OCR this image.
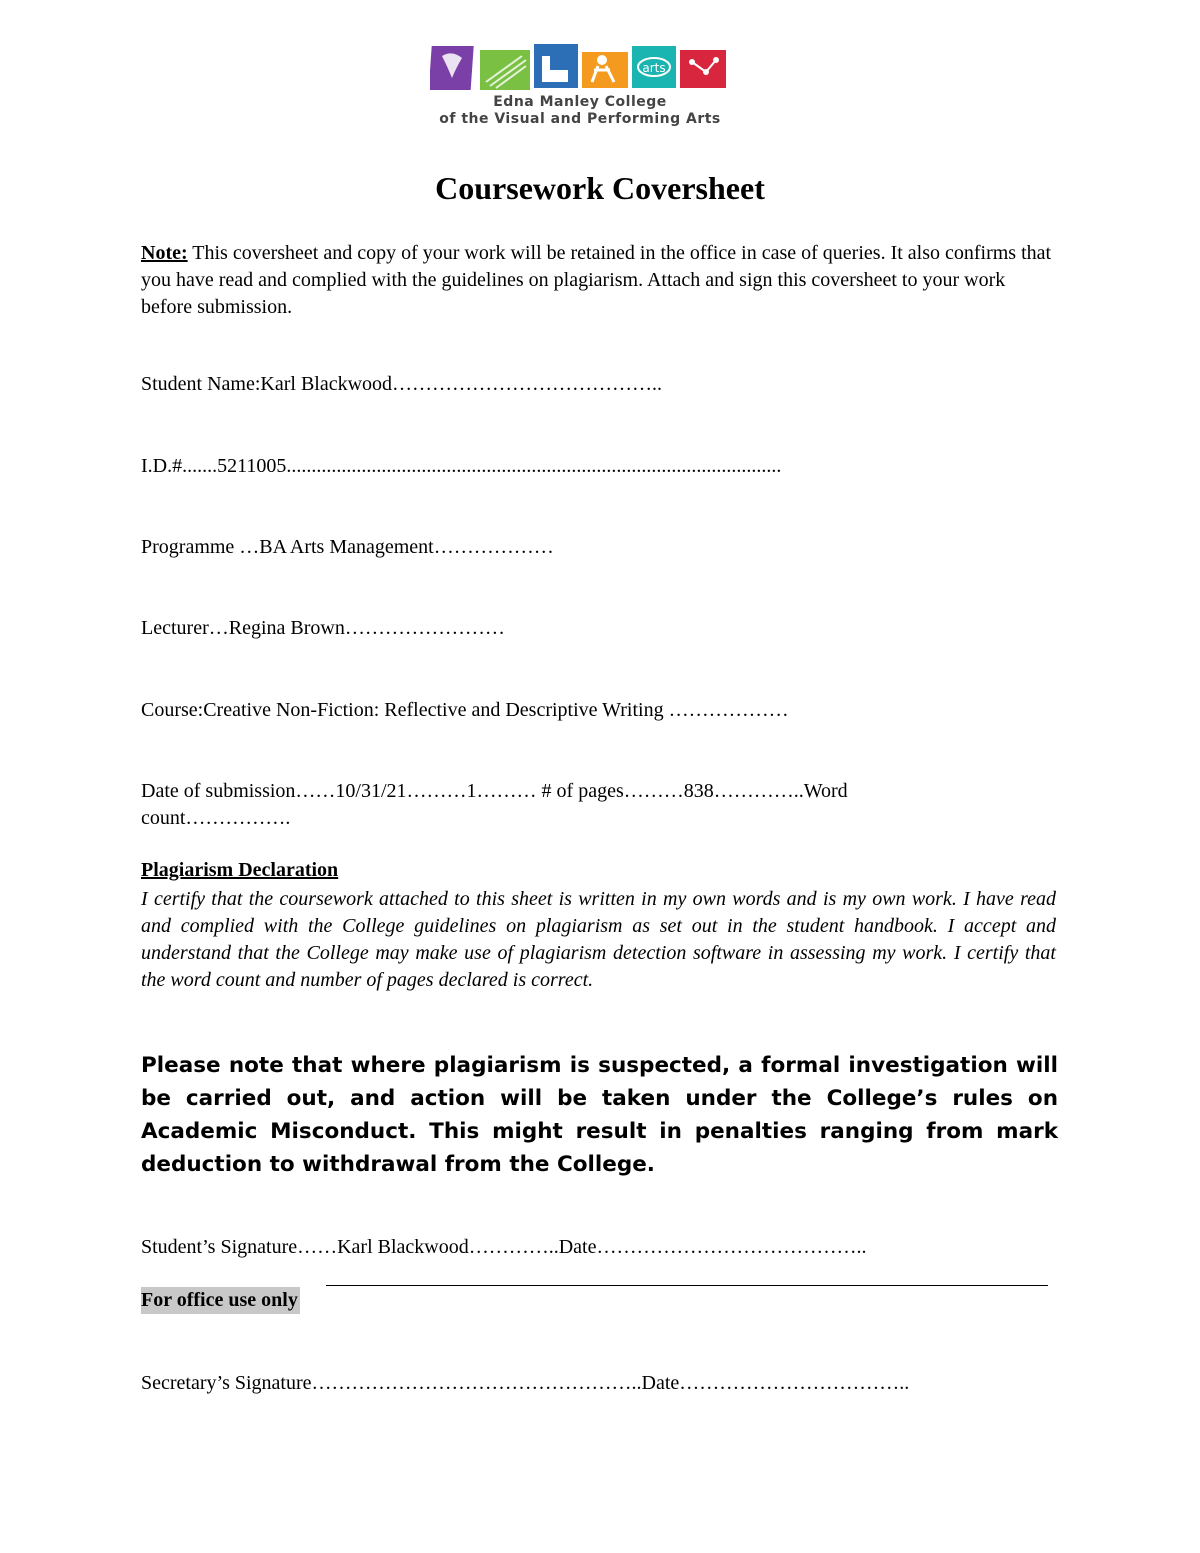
arts
Edna Manley College
of the Visual and Performing Arts
Coursework Coversheet
Note: This coversheet and copy of your work will be retained in the office in case of queries. It also confirms that you have read and complied with the guidelines on plagiarism. Attach and sign this coversheet to your work before submission.
Student Name:Karl Blackwood…………………………………..
I.D.#.......5211005...................................................................................................
Programme …BA Arts Management………………
Lecturer…Regina Brown……………………
Course:Creative Non-Fiction: Reflective and Descriptive Writing ………………
Date of submission……10/31/21………1……… # of pages………838…………..Word
count…………….
Plagiarism Declaration
I certify that the coursework attached to this sheet is written in my own words and is my own work. I have read and complied with the College guidelines on plagiarism as set out in the student handbook. I accept and understand that the College may make use of plagiarism detection software in assessing my work. I certify that the word count and number of pages declared is correct.
Please note that where plagiarism is suspected, a formal investigation will be carried out, and action will be taken under the College’s rules on Academic Misconduct. This might result in penalties ranging from mark deduction to withdrawal from the College.
Student’s Signature……Karl Blackwood…………..Date…………………………………..
For office use only
Secretary’s Signature…………………………………………..Date……………………………..
